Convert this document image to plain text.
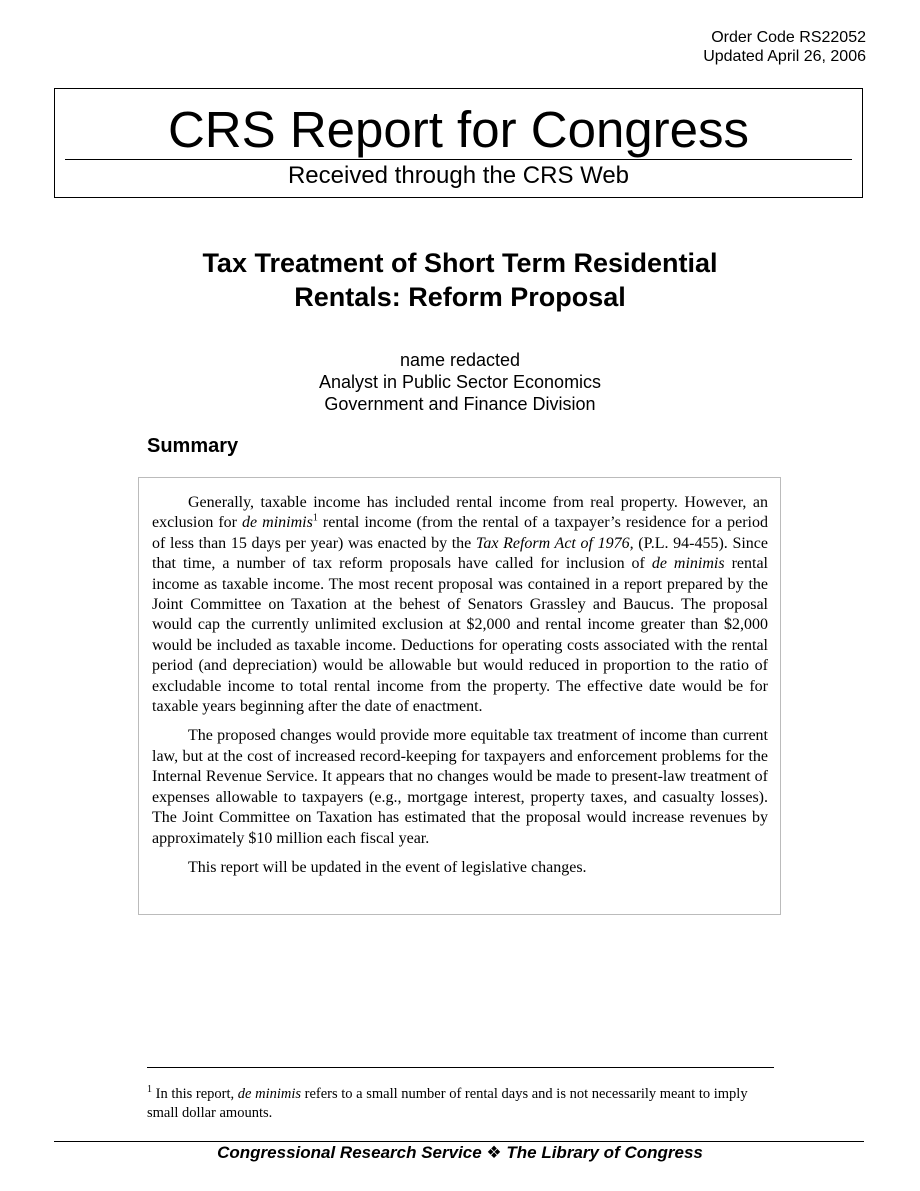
Order Code RS22052
Updated April 26, 2006
CRS Report for Congress
Received through the CRS Web
Tax Treatment of Short Term Residential
Rentals: Reform Proposal
name redacted
Analyst in Public Sector Economics
Government and Finance Division
Summary

Generally, taxable income has included rental income from real property. However, an exclusion for de minimis$^1$ rental income (from the rental of a taxpayer’s residence for a period of less than 15 days per year) was enacted by the Tax Reform Act of 1976, (P.L. 94-455). Since that time, a number of tax reform proposals have called for inclusion of de minimis rental income as taxable income. The most recent proposal was contained in a report prepared by the Joint Committee on Taxation at the behest of Senators Grassley and Baucus. The proposal would cap the currently unlimited exclusion at $2,000 and rental income greater than $2,000 would be included as taxable income. Deductions for operating costs associated with the rental period (and depreciation) would be allowable but would reduced in proportion to the ratio of excludable income to total rental income from the property. The effective date would be for taxable years beginning after the date of enactment.

The proposed changes would provide more equitable tax treatment of income than current law, but at the cost of increased record-keeping for taxpayers and enforcement problems for the Internal Revenue Service. It appears that no changes would be made to present-law treatment of expenses allowable to taxpayers (e.g., mortgage interest, property taxes, and casualty losses). The Joint Committee on Taxation has estimated that the proposal would increase revenues by approximately $10 million each fiscal year.

This report will be updated in the event of legislative changes.

$^1$ In this report, de minimis refers to a small number of rental days and is not necessarily meant to imply small dollar amounts.
Congressional Research Service ❖ The Library of Congress
